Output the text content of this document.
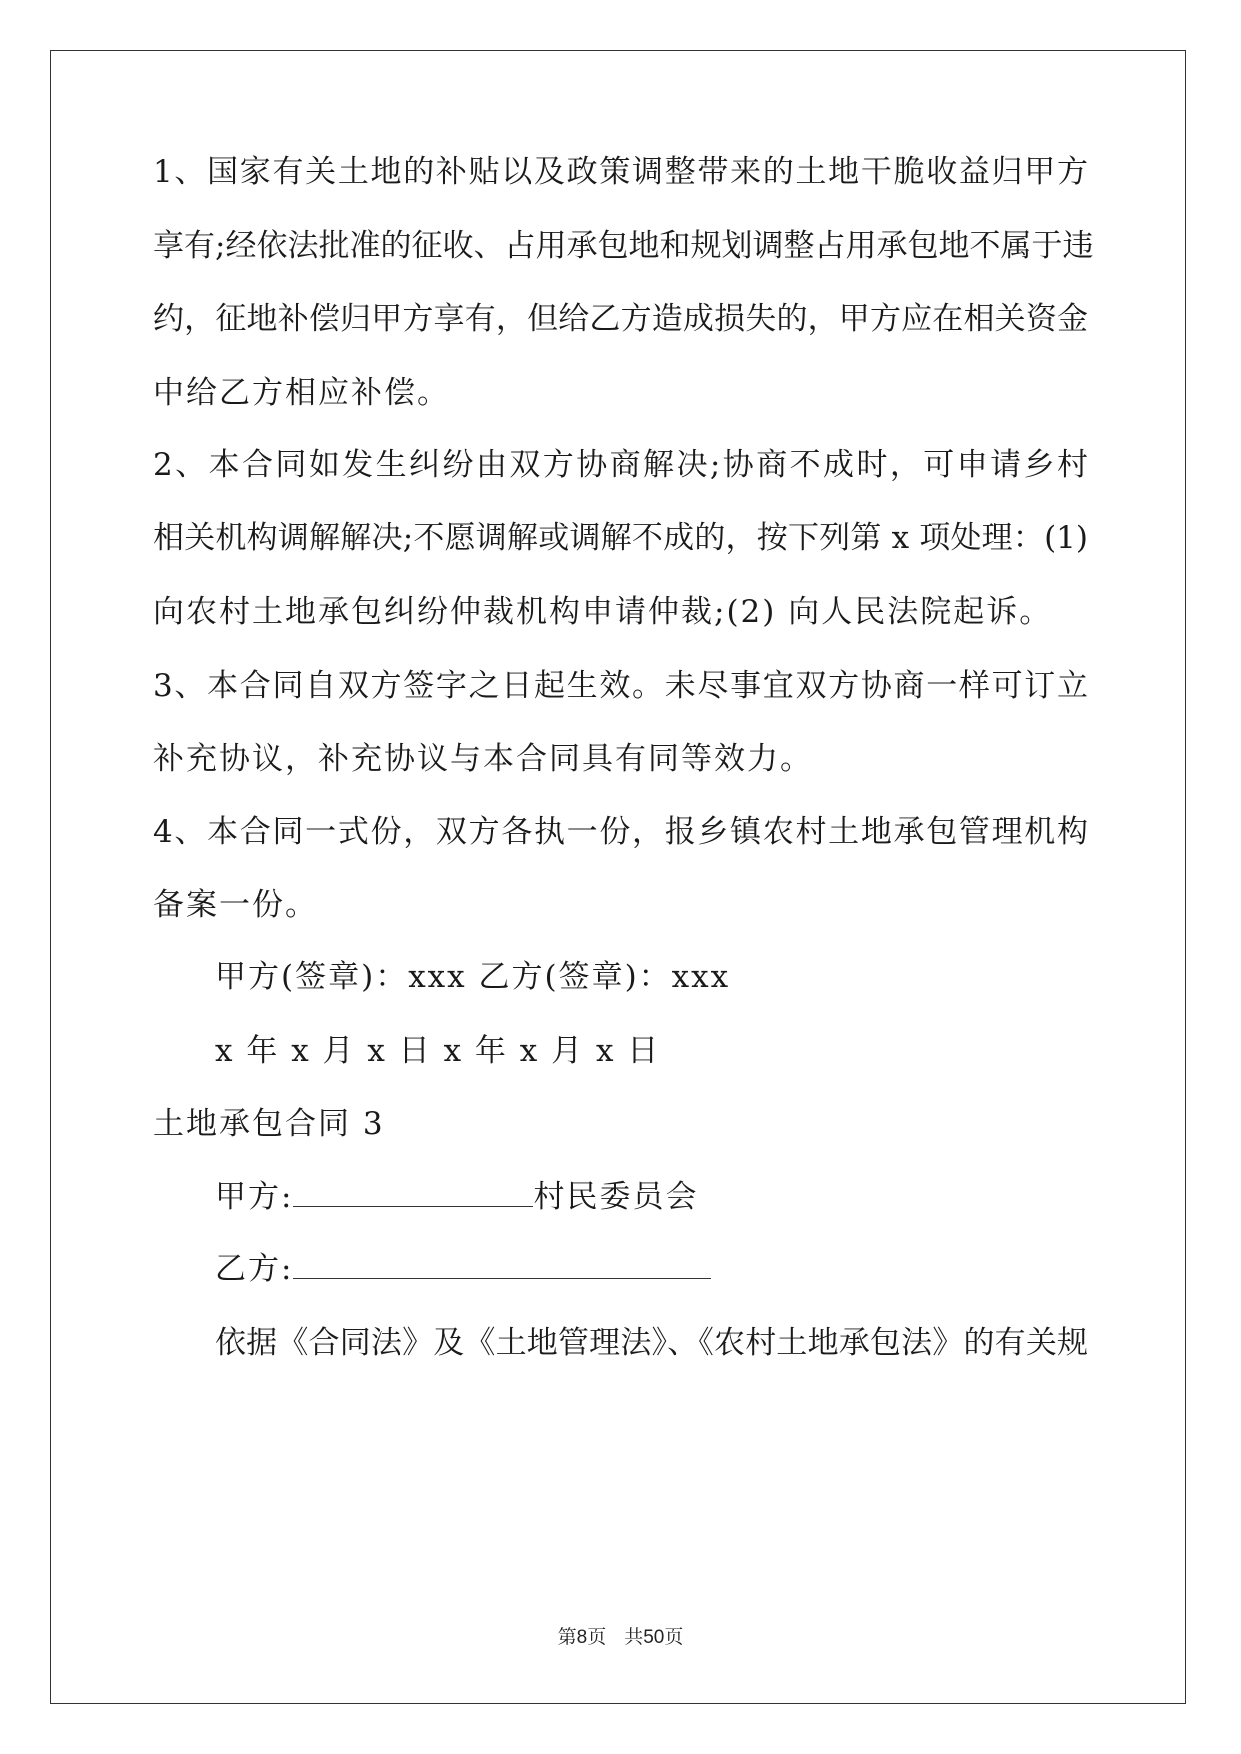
1、国家有关土地的补贴以及政策调整带来的土地干脆收益归甲方
享有;经依法批准的征收、占用承包地和规划调整占用承包地不属于违
约，征地补偿归甲方享有，但给乙方造成损失的，甲方应在相关资金
中给乙方相应补偿。
2、本合同如发生纠纷由双方协商解决;协商不成时，可申请乡村
相关机构调解解决;不愿调解或调解不成的，按下列第 x 项处理：(1)
向农村土地承包纠纷仲裁机构申请仲裁;(2) 向人民法院起诉。
3、本合同自双方签字之日起生效。未尽事宜双方协商一样可订立
补充协议，补充协议与本合同具有同等效力。
4、本合同一式份，双方各执一份，报乡镇农村土地承包管理机构
备案一份。
甲方(签章)：xxx 乙方(签章)：xxx
x 年 x 月 x 日 x 年 x 月 x 日
土地承包合同 3
甲方:	村民委员会
乙方:
依据《合同法》及《土地管理法》、《农村土地承包法》的有关规
第8页 共50页
